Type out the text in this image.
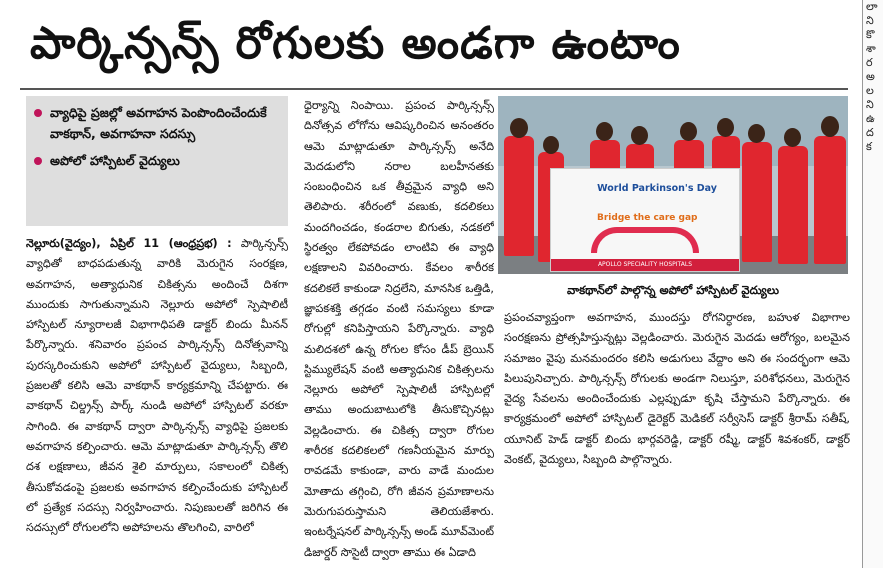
పార్కిన్సన్స్ రోగులకు అండగా ఉంటాం
వ్యాధిపై ప్రజల్లో అవగాహన పెంపొందించేందుకే వాకథాన్, అవగాహనా సదస్సు
అపోలో హాస్పిటల్ వైద్యులు

నెల్లూరు(వైద్యం), ఏప్రిల్ 11 (ఆంధ్రప్రభ) : పార్కిన్సన్స్ వ్యాధితో బాధపడుతున్న వారికి మెరుగైన సంరక్షణ, అవగాహన, అత్యాధునిక చికిత్సను అందించే దిశగా ముందుకు సాగుతున్నామని నెల్లూరు అపోలో స్పెషాలిటీ హాస్పిటల్ న్యూరాలజీ విభాగాధిపతి డాక్టర్ బిందు మీనన్ పేర్కొన్నారు. శనివారం ప్రపంచ పార్కిన్సన్స్ దినోత్సవాన్ని పురస్కరించుకుని అపోలో హాస్పిటల్ వైద్యులు, సిబ్బంది, ప్రజలతో కలిసి ఆమె వాకథాన్ కార్యక్రమాన్ని చేపట్టారు. ఈ వాకథాన్ చిల్డ్రన్స్ పార్క్ నుండి అపోలో హాస్పిటల్ వరకూ సాగింది. ఈ వాకథాన్ ద్వారా పార్కిన్సన్స్ వ్యాధిపై ప్రజలకు అవగాహన కల్పించారు. ఆమె మాట్లాడుతూ పార్కిన్సన్స్ తొలి దశ లక్షణాలు, జీవన శైలి మార్పులు, సకాలంలో చికిత్స తీసుకోవడంపై ప్రజలకు అవగాహన కల్పించేందుకు హాస్పిటల్ లో ప్రత్యేక సదస్సు నిర్వహించారు. నిపుణులతో జరిగిన ఈ సదస్సులో రోగులలోని అపోహలను తొలగించి, వారిలో

ధైర్యాన్ని నింపాయి. ప్రపంచ పార్కిన్సన్స్ దినోత్సవ లోగోను ఆవిష్కరించిన అనంతరం ఆమె మాట్లాడుతూ పార్కిన్సన్స్ అనేది మెదడులోని నరాల బలహీనతకు సంబంధించిన ఒక తీవ్రమైన వ్యాధి అని తెలిపారు. శరీరంలో వణుకు, కదలికలు మందగించడం, కండరాల బిగుతు, నడకలో స్థిరత్వం లేకపోవడం లాంటివి ఈ వ్యాధి లక్షణాలని వివరించారు. కేవలం శారీరక కదలికలే కాకుండా నిద్రలేని, మానసిక ఒత్తిడి, జ్ఞాపకశక్తి తగ్గడం వంటి సమస్యలు కూడా రోగుల్లో కనిపిస్తాయని పేర్కొన్నారు. వ్యాధి మలిదశలో ఉన్న రోగుల కోసం డీప్ బ్రెయిన్ స్టిమ్యులేషన్ వంటి అత్యాధునిక చికిత్సలను నెల్లూరు అపోలో స్పెషాలిటీ హాస్పిటల్లో తాము అందుబాటులోకి తీసుకొచ్చినట్లు వెల్లడించారు. ఈ చికిత్స ద్వారా రోగుల శారీరక కదలికలలో గణనీయమైన మార్పు రావడమే కాకుండా, వారు వాడే మందుల మోతాదు తగ్గించి, రోగి జీవన ప్రమాణాలను మెరుగుపరుస్తామని తెలియజేశారు. ఇంటర్నేషనల్ పార్కిన్సన్స్ అండ్ మూవ్‌మెంట్ డిజార్డర్ సొసైటీ ద్వారా తాము ఈ ఏడాది

World Parkinson's Day
Bridge the care gap
APOLLO SPECIALITY HOSPITALS
వాకథాన్‌లో పాల్గొన్న అపోలో హాస్పిటల్ వైద్యులు

ప్రపంచవ్యాప్తంగా అవగాహన, ముందస్తు రోగనిర్ధారణ, బహుళ విభాగాల సంరక్షణను ప్రోత్సహిస్తున్నట్లు వెల్లడించారు. మెరుగైన మెదడు ఆరోగ్యం, బలమైన సమాజం వైపు మనమందరం కలిసి అడుగులు వేద్దాం అని ఈ సందర్భంగా ఆమె పిలుపునిచ్చారు. పార్కిన్సన్స్ రోగులకు అండగా నిలుస్తూ, పరిశోధనలు, మెరుగైన వైద్య సేవలను అందించేందుకు ఎల్లప్పుడూ కృషి చేస్తామని పేర్కొన్నారు. ఈ కార్యక్రమంలో అపోలో హాస్పిటల్ డైరెక్టర్ మెడికల్ సర్వీసెస్ డాక్టర్ శ్రీరామ్ సతీష్, యూనిట్ హెడ్ డాక్టర్ బిందు భార్గవరెడ్డి, డాక్టర్ రష్మీ, డాక్టర్ శివశంకర్, డాక్టర్ వెంకట్, వైద్యులు, సిబ్బంది పాల్గొన్నారు.

లా
ని
కొ
శా
ర
అ
ల
ని
ఉ
ద
క
